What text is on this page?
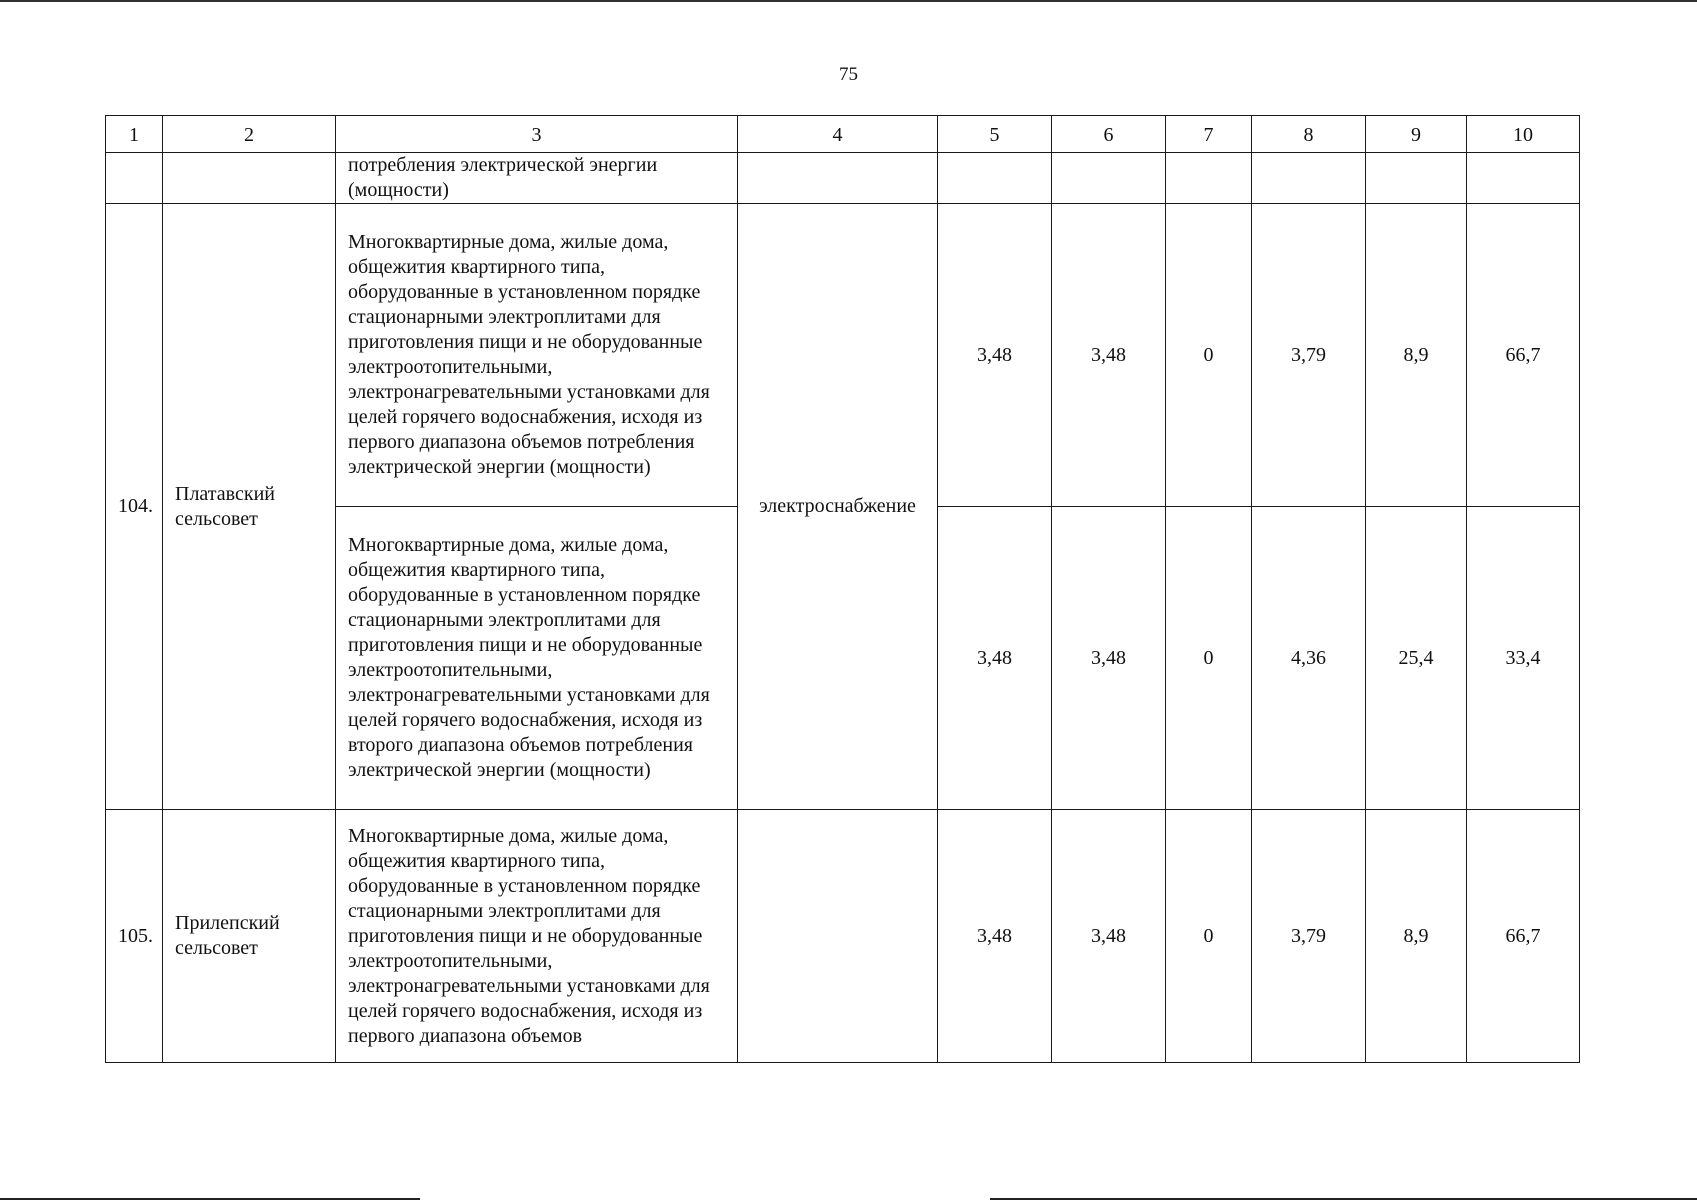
75
1	2	3	4	5	6	7	8	9	10
		потребления электрической энергии (мощности)							
104.	Платавский сельсовет	Многоквартирные дома, жилые дома, общежития квартирного типа, оборудованные в установленном порядке стационарными электроплитами для приготовления пищи и не оборудованные электроотопительными, электронагревательными установками для целей горячего водоснабжения, исходя из первого диапазона объемов потребления электрической энергии (мощности)	электроснабжение	3,48	3,48	0	3,79	8,9	66,7
		Многоквартирные дома, жилые дома, общежития квартирного типа, оборудованные в установленном порядке стационарными электроплитами для приготовления пищи и не оборудованные электроотопительными, электронагревательными установками для целей горячего водоснабжения, исходя из второго диапазона объемов потребления электрической энергии (мощности)		3,48	3,48	0	4,36	25,4	33,4
105.	Прилепский сельсовет	Многоквартирные дома, жилые дома, общежития квартирного типа, оборудованные в установленном порядке стационарными электроплитами для приготовления пищи и не оборудованные электроотопительными, электронагревательными установками для целей горячего водоснабжения, исходя из первого диапазона объемов		3,48	3,48	0	3,79	8,9	66,7
